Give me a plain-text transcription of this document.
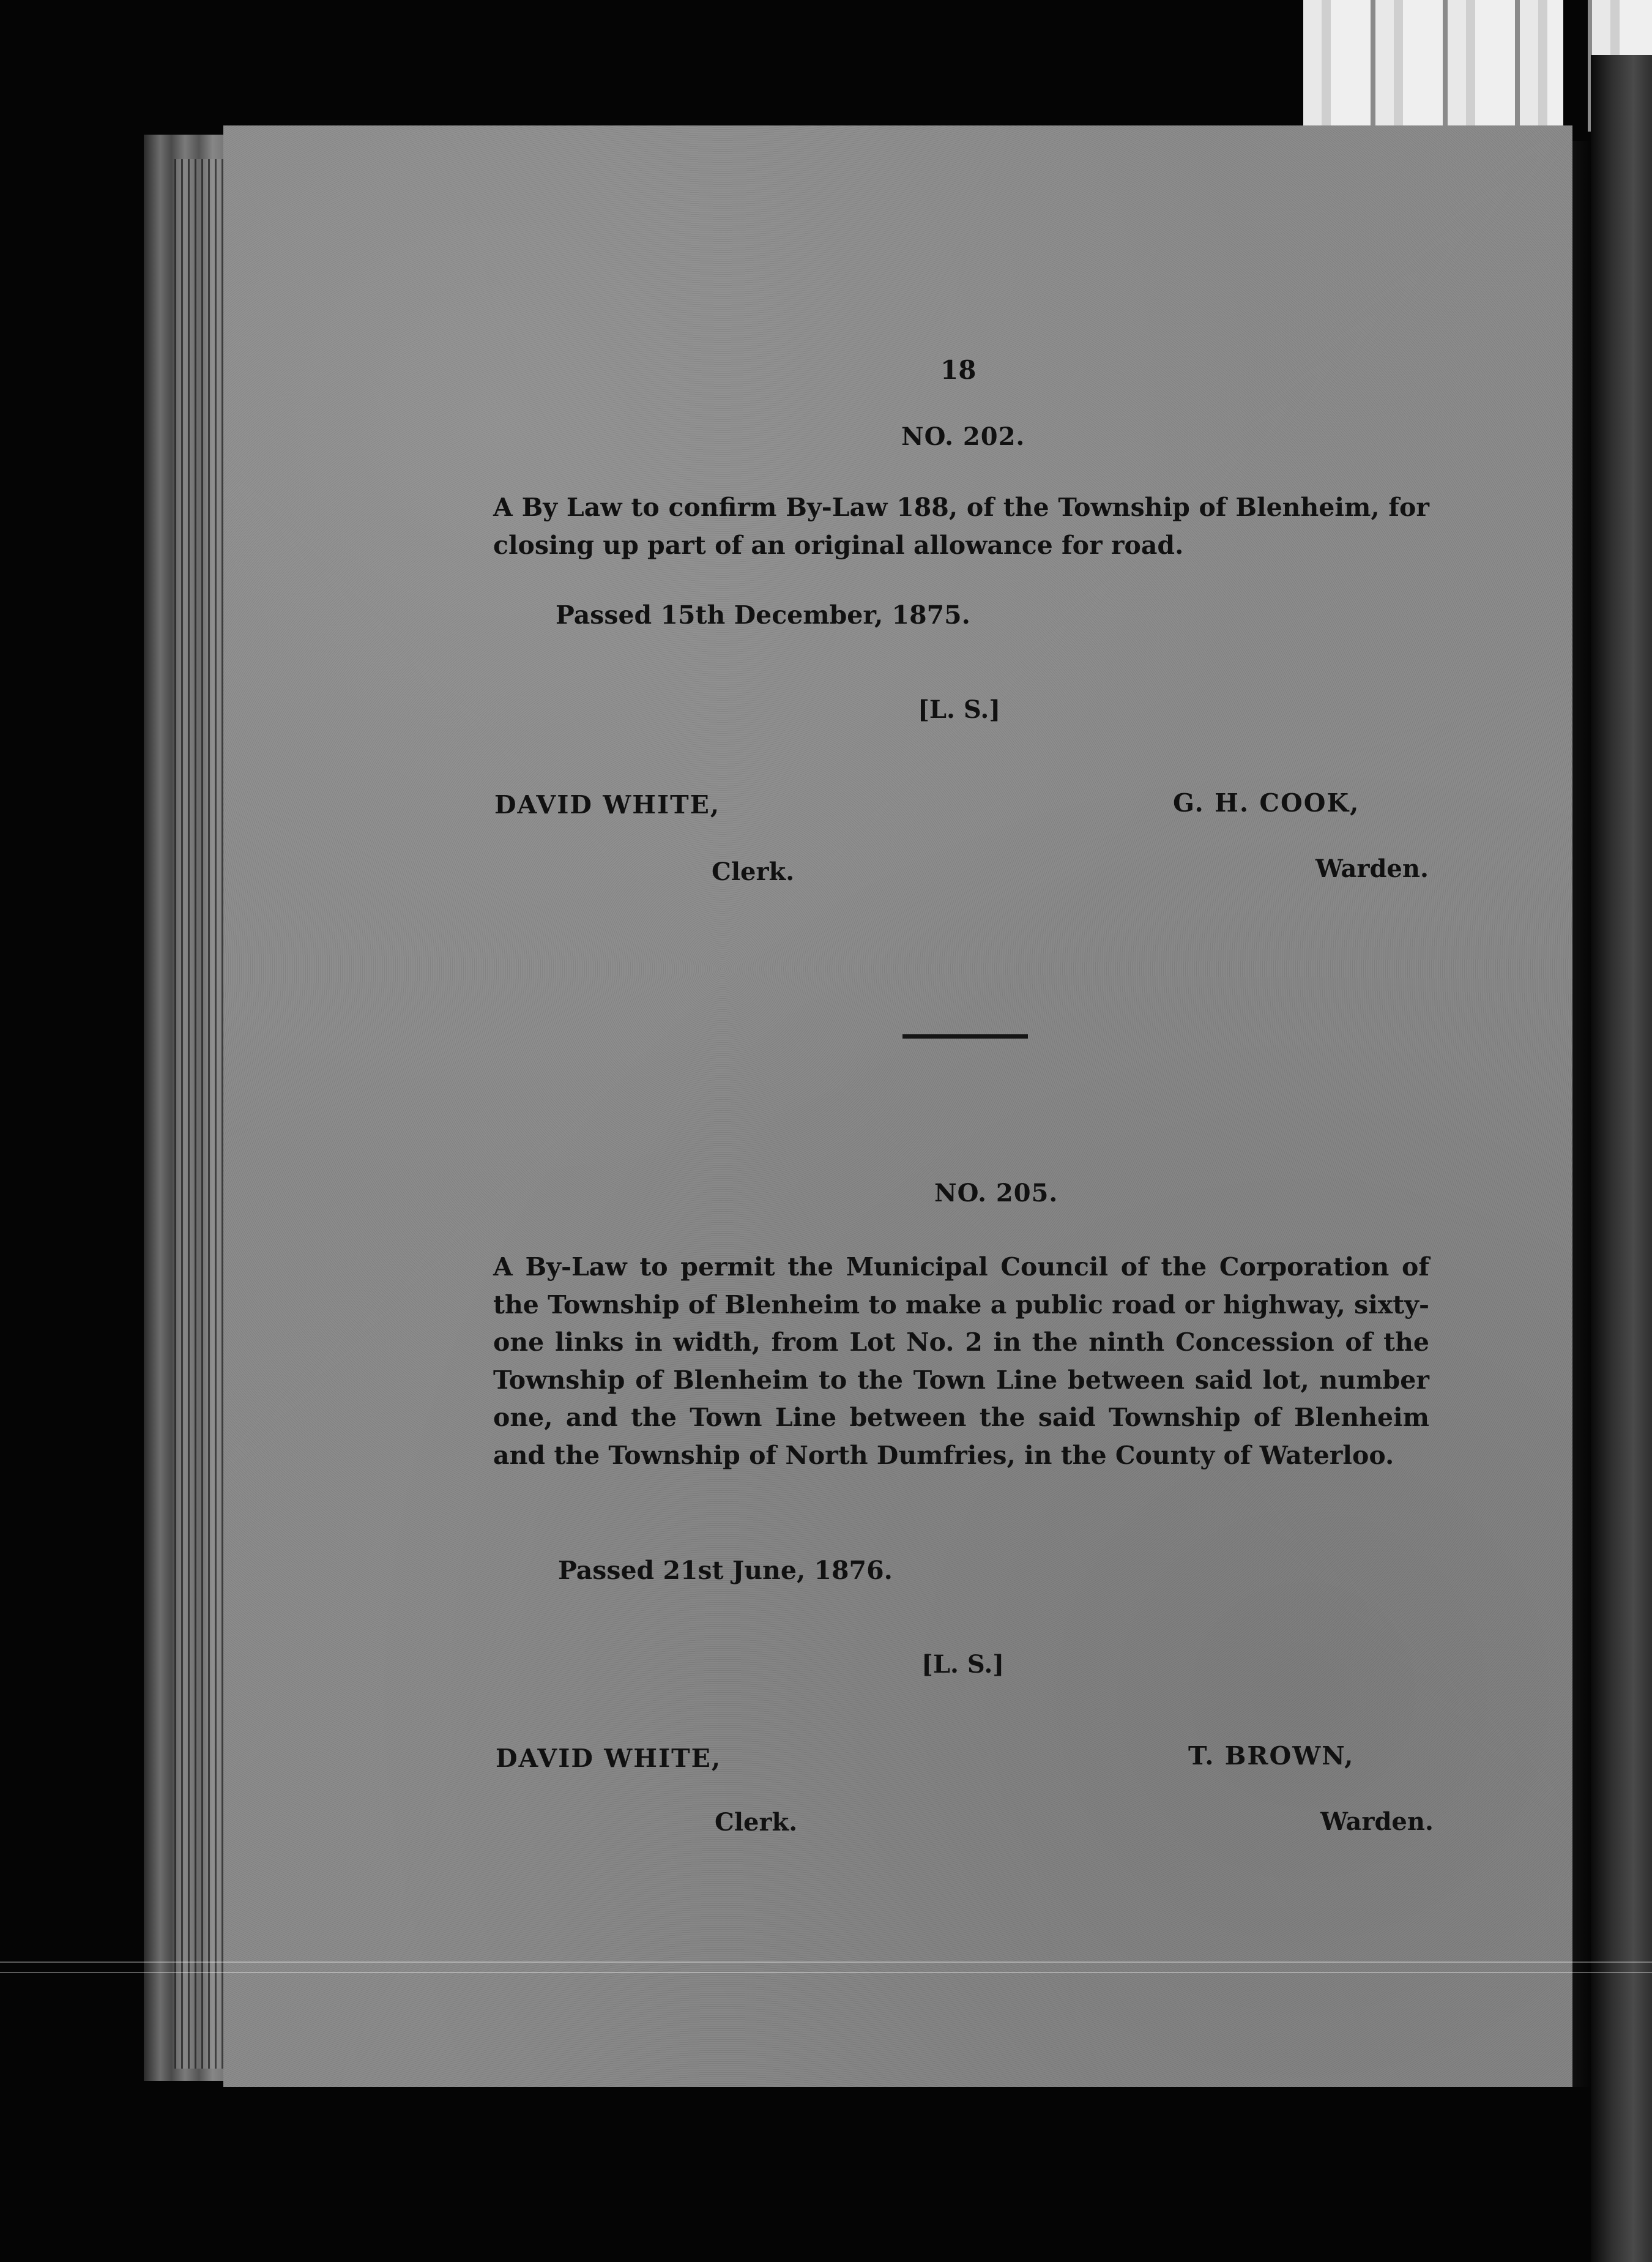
18
NO. 202.
A By Law to confirm By-Law 188, of the Township of Blenheim, for closing up part of an original allowance for road.
Passed 15th December, 1875.
[L. S.]
DAVID WHITE,	G. H. COOK,
Clerk.	Warden.
NO. 205.
A By-Law to permit the Municipal Council of the Corporation of the Township of Blenheim to make a public road or highway, sixty-one links in width, from Lot No. 2 in the ninth Concession of the Township of Blenheim to the Town Line between said lot, number one, and the Town Line between the said Township of Blenheim and the Township of North Dumfries, in the County of Waterloo.
Passed 21st June, 1876.
[L. S.]
DAVID WHITE,	T. BROWN,
Clerk.	Warden.
